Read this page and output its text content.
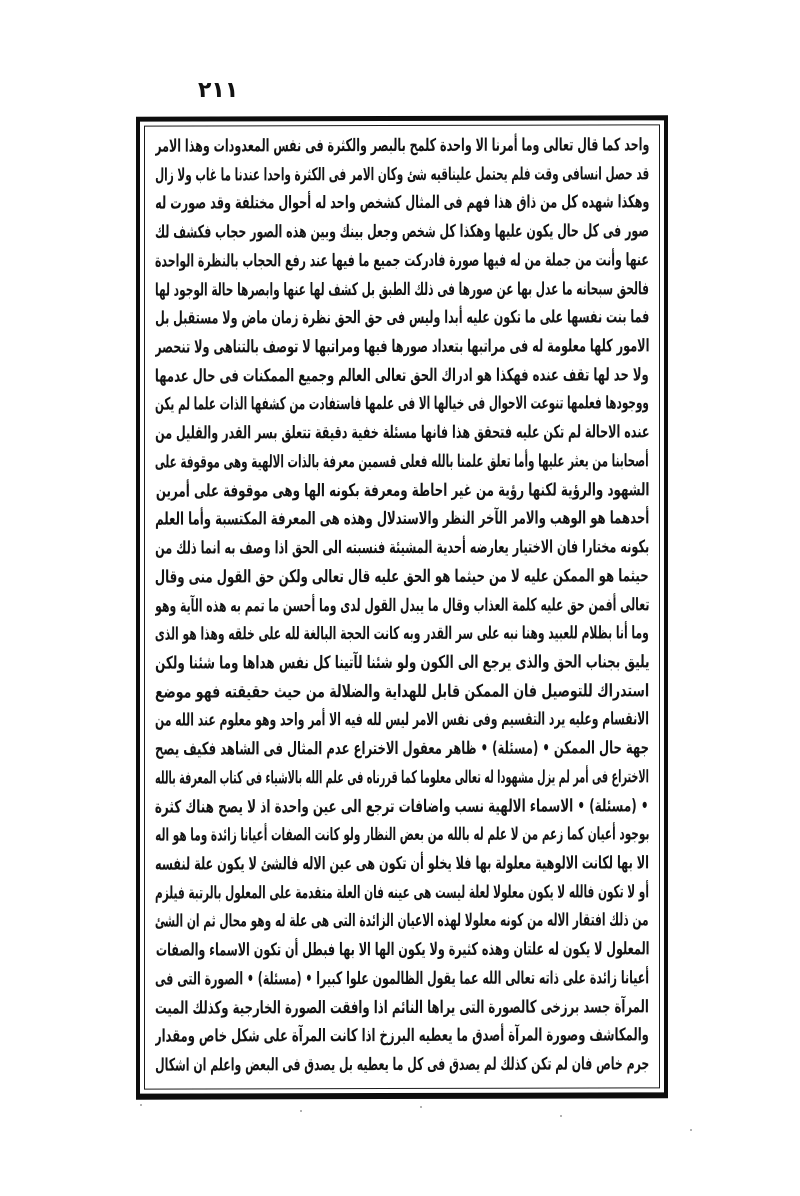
٢١١
واحد كما قال تعالى وما أمرنا الا واحدة كلمح بالبصر والكثرة فى نفس المعدودات وهذا الامر
قد حصل انسافى وقت فلم يحتمل عليناقيه شئ وكان الامر فى الكثرة واحدا عندنا ما غاب ولا زال
وهكذا شهده كل من ذاق هذا فهم فى المثال كشخص واحد له أحوال مختلفة وقد صورت له
صور فى كل حال يكون عليها وهكذا كل شخص وجعل بينك وبين هذه الصور حجاب فكشف لك
عنها وأنت من جملة من له فيها صورة فادركت جميع ما فيها عند رفع الحجاب بالنظرة الواحدة
فالحق سبحانه ما عدل بها عن صورها فى ذلك الطبق بل كشف لها عنها وابصرها حالة الوجود لها
فما بنت نفسها على ما تكون عليه أبدا وليس فى حق الحق نظرة زمان ماض ولا مستقبل بل
الامور كلها معلومة له فى مراتبها بتعداد صورها فيها ومراتبها لا توصف بالتناهى ولا تنحصر
ولا حد لها تقف عنده فهكذا هو ادراك الحق تعالى العالم وجميع الممكنات فى حال عدمها
ووجودها فعلمها تنوعت الاحوال فى خيالها الا فى علمها فاستفادت من كشفها الذات علما لم يكن
عنده الاحالة لم تكن عليه فتحقق هذا فانها مسئلة خفية دقيقة تتعلق بسر القدر والقليل من
أصحابنا من يعثر عليها وأما تعلق علمنا بالله فعلى قسمين معرفة بالذات الالهية وهى موقوفة على
الشهود والرؤية لكنها رؤية من غير احاطة ومعرفة بكونه الها وهى موقوفة على أمرين
أحدهما هو الوهب والامر الآخر النظر والاستدلال وهذه هى المعرفة المكتسبة وأما العلم
بكونه مختارا فان الاختيار يعارضه أحدية المشيئة فنسبته الى الحق اذا وصف به انما ذلك من
حيثما هو الممكن عليه لا من حيثما هو الحق عليه قال تعالى ولكن حق القول منى وقال
تعالى أفمن حق عليه كلمة العذاب وقال ما يبدل القول لدى وما أحسن ما تمم به هذه الآية وهو
وما أنا بظلام للعبيد وهنا نبه على سر القدر وبه كانت الحجة البالغة لله على خلقه وهذا هو الذى
يليق بجناب الحق والذى يرجع الى الكون ولو شئنا لآتينا كل نفس هداها وما شئنا ولكن
استدراك للتوصيل فان الممكن قابل للهداية والضلالة من حيث حقيقته فهو موضع
الانقسام وعليه يرد التقسيم وفى نفس الامر ليس لله فيه الا أمر واحد وهو معلوم عند الله من
جهة حال الممكن • (مسئلة) • ظاهر معقول الاختراع عدم المثال فى الشاهد فكيف يصح
الاختراع فى أمر لم يزل مشهودا له تعالى معلوما كما قررناه فى علم الله بالاشياء فى كتاب المعرفة بالله
• (مسئلة) • الاسماء الالهية نسب واضافات ترجع الى عين واحدة اذ لا يصح هناك كثرة
بوجود أعيان كما زعم من لا علم له بالله من بعض النظار ولو كانت الصفات أعيانا زائدة وما هو اله
الا بها لكانت الالوهية معلولة بها فلا يخلو أن تكون هى عين الاله فالشئ لا يكون علة لنفسه
أو لا تكون فالله لا يكون معلولا لعلة ليست هى عينه فان العلة متقدمة على المعلول بالرتبة فيلزم
من ذلك افتقار الاله من كونه معلولا لهذه الاعيان الزائدة التى هى علة له وهو محال ثم ان الشئ
المعلول لا يكون له علتان وهذه كثيرة ولا يكون الها الا بها فبطل أن تكون الاسماء والصفات
أعيانا زائدة على ذاته تعالى الله عما يقول الظالمون علوا كبيرا • (مسئلة) • الصورة التى فى
المرآة جسد برزخى كالصورة التى يراها النائم اذا وافقت الصورة الخارجية وكذلك الميت
والمكاشف وصورة المرآة أصدق ما يعطيه البرزخ اذا كانت المرآة على شكل خاص ومقدار
جرم خاص فان لم تكن كذلك لم يصدق فى كل ما يعطيه بل يصدق فى البعض واعلم ان اشكال
